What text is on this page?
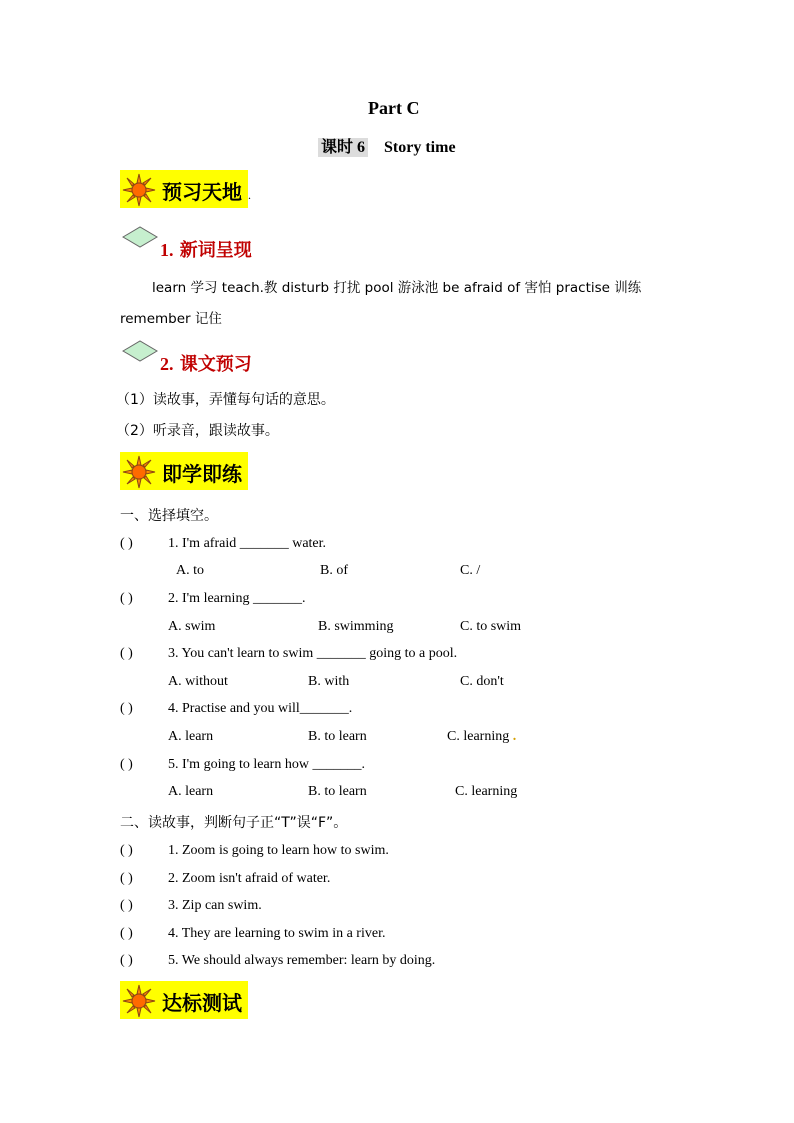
Part C
课时 6 Story time
预习天地 .
1. 新词呈现
learn 学习 teach.教 disturb 打扰 pool 游泳池 be afraid of 害怕 practise 训练
remember 记住
2. 课文预习
（1）读故事，弄懂每句话的意思。
（2）听录音，跟读故事。
即学即练
一、选择填空。
( )	1. I'm afraid _______ water.
A. to	B. of	C. /
( )	2. I'm learning _______.
A. swim	B. swimming	C. to swim
( )	3. You can't learn to swim _______ going to a pool.
A. without	B. with	C. don't
( )	4. Practise and you will_______.
A. learn	B. to learn	C. learning .
( )	5. I'm going to learn how _______.
A. learn	B. to learn	C. learning
二、读故事，判断句子正“T”误“F”。
( )	1. Zoom is going to learn how to swim.
( )	2. Zoom isn't afraid of water.
( )	3. Zip can swim.
( )	4. They are learning to swim in a river.
( )	5. We should always remember: learn by doing.
达标测试
